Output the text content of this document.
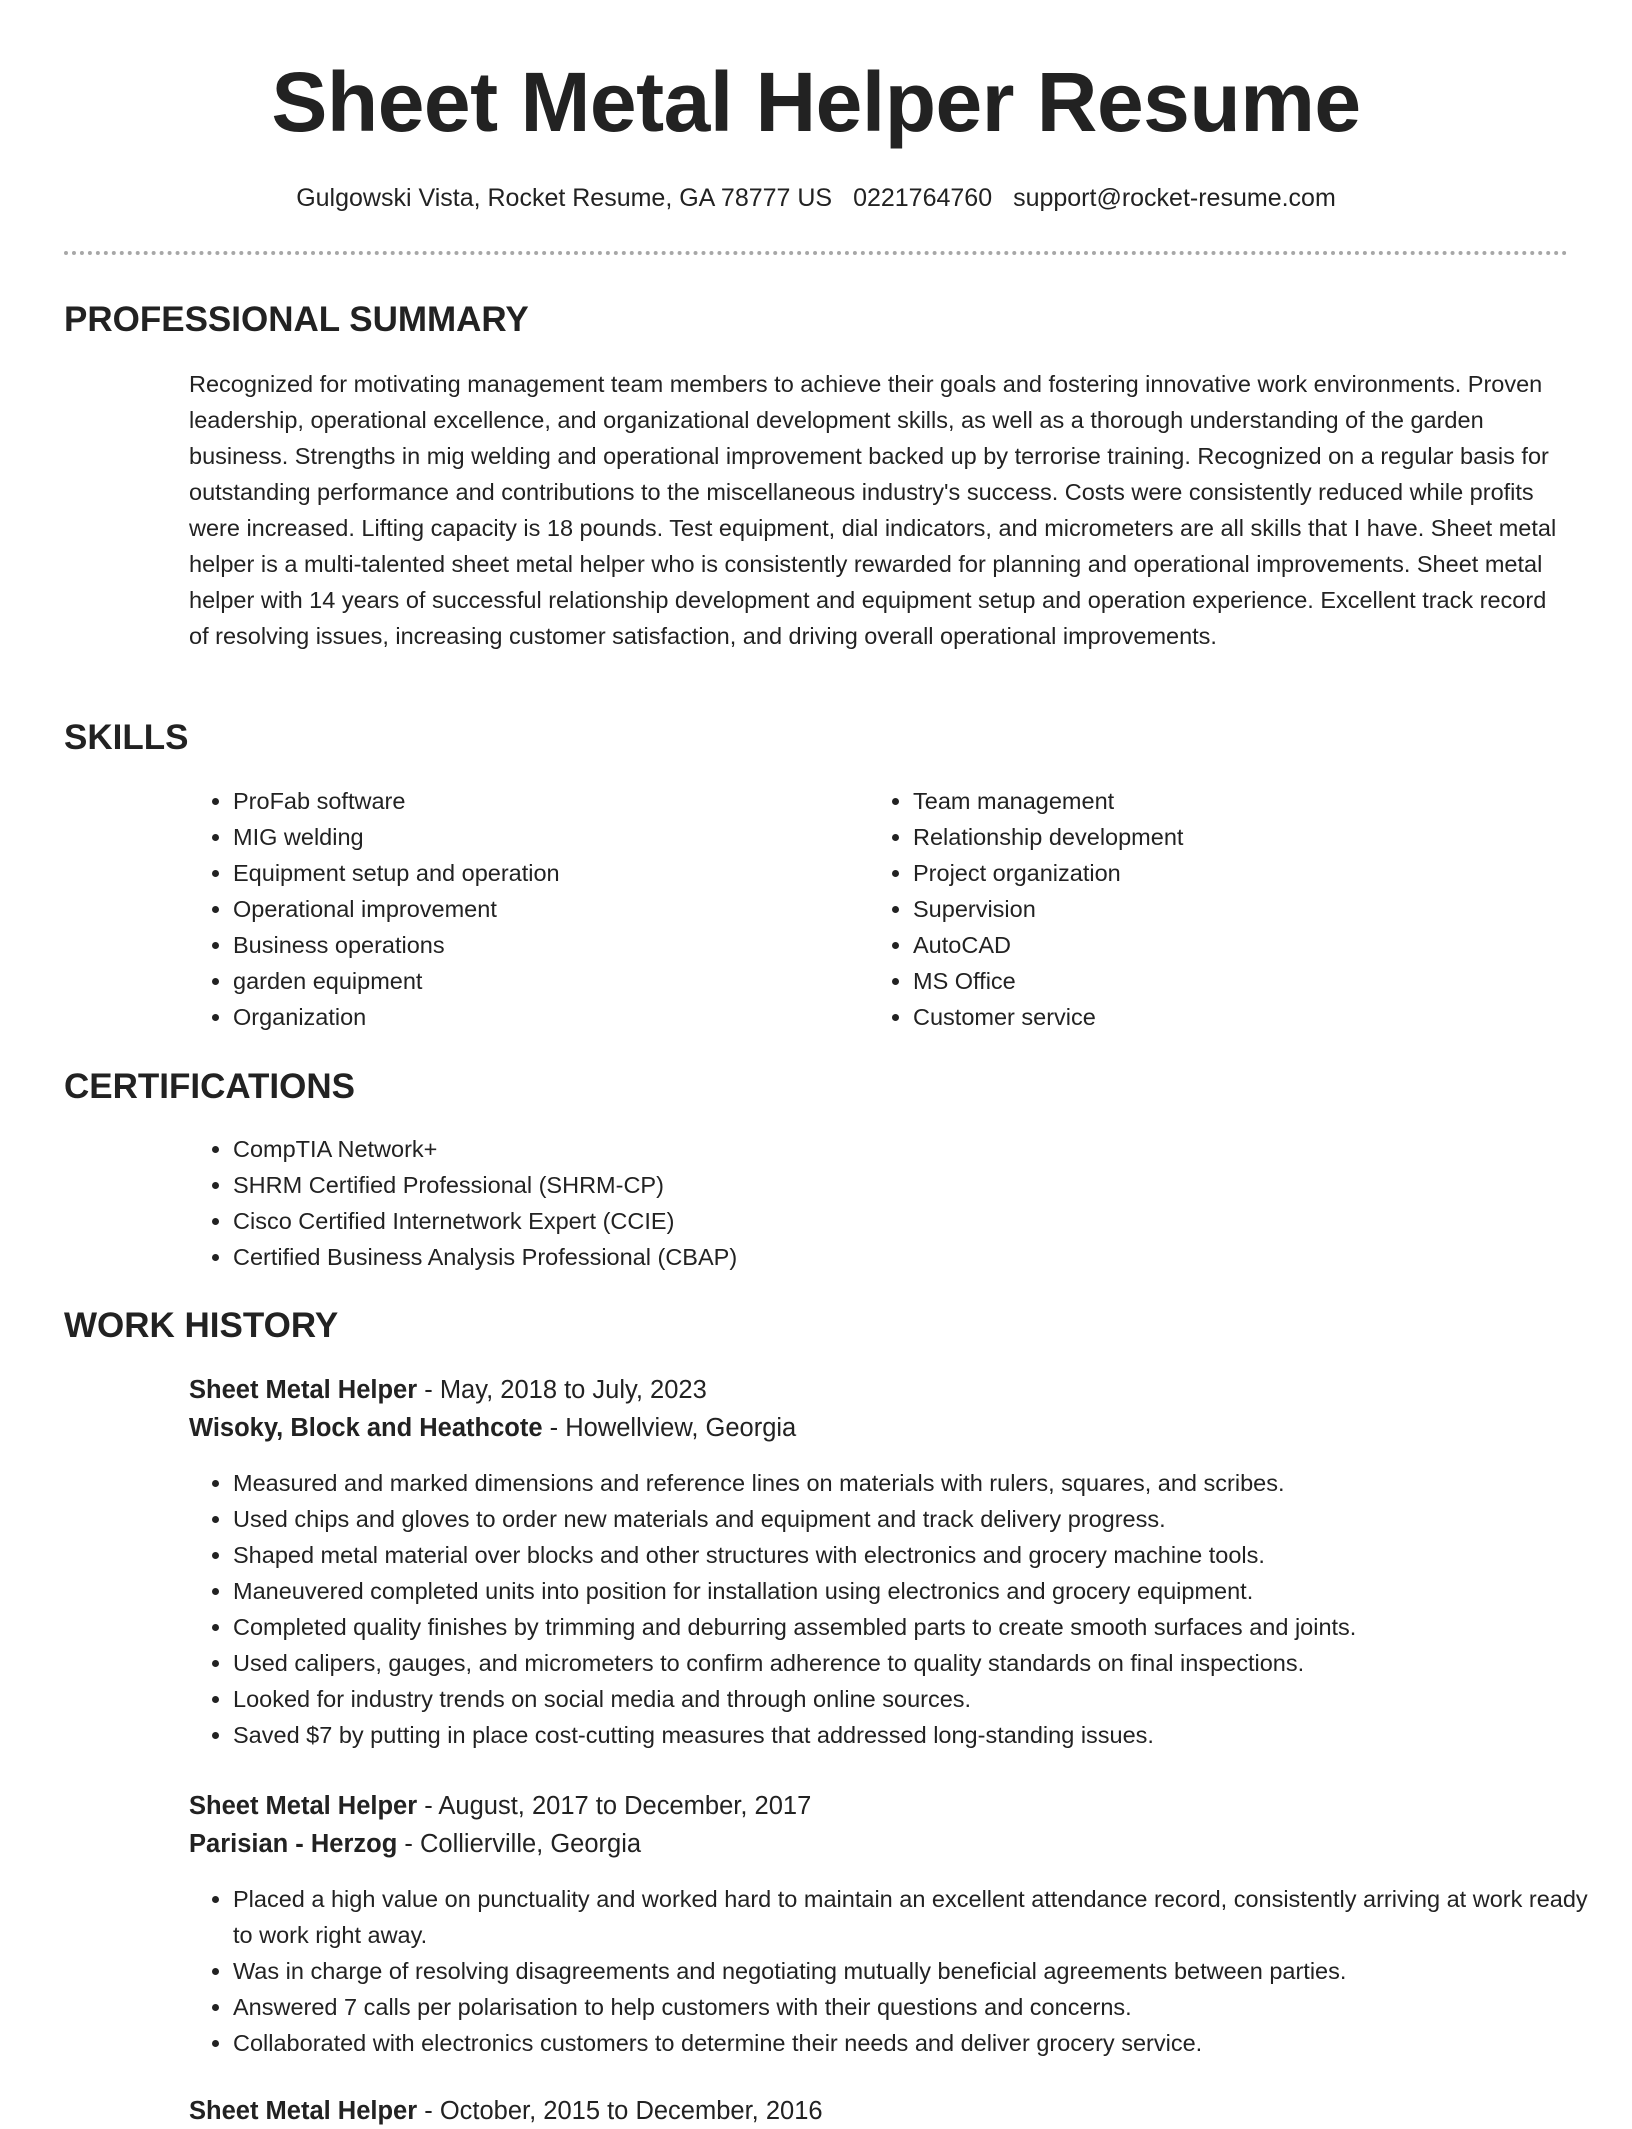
Sheet Metal Helper Resume
Gulgowski Vista, Rocket Resume, GA 78777 US 0221764760 support@rocket-resume.com
PROFESSIONAL SUMMARY

Recognized for motivating management team members to achieve their goals and fostering innovative work environments. Proven leadership, operational excellence, and organizational development skills, as well as a thorough understanding of the garden business. Strengths in mig welding and operational improvement backed up by terrorise training. Recognized on a regular basis for outstanding performance and contributions to the miscellaneous industry's success. Costs were consistently reduced while profits were increased. Lifting capacity is 18 pounds. Test equipment, dial indicators, and micrometers are all skills that I have. Sheet metal helper is a multi-talented sheet metal helper who is consistently rewarded for planning and operational improvements. Sheet metal helper with 14 years of successful relationship development and equipment setup and operation experience. Excellent track record of resolving issues, increasing customer satisfaction, and driving overall operational improvements.

SKILLS
• ProFab software
• MIG welding
• Equipment setup and operation
• Operational improvement
• Business operations
• garden equipment
• Organization
• Team management
• Relationship development
• Project organization
• Supervision
• AutoCAD
• MS Office
• Customer service
CERTIFICATIONS
• CompTIA Network+
• SHRM Certified Professional (SHRM-CP)
• Cisco Certified Internetwork Expert (CCIE)
• Certified Business Analysis Professional (CBAP)
WORK HISTORY
Sheet Metal Helper - May, 2018 to July, 2023
Wisoky, Block and Heathcote - Howellview, Georgia
• Measured and marked dimensions and reference lines on materials with rulers, squares, and scribes.
• Used chips and gloves to order new materials and equipment and track delivery progress.
• Shaped metal material over blocks and other structures with electronics and grocery machine tools.
• Maneuvered completed units into position for installation using electronics and grocery equipment.
• Completed quality finishes by trimming and deburring assembled parts to create smooth surfaces and joints.
• Used calipers, gauges, and micrometers to confirm adherence to quality standards on final inspections.
• Looked for industry trends on social media and through online sources.
• Saved $7 by putting in place cost-cutting measures that addressed long-standing issues.
Sheet Metal Helper - August, 2017 to December, 2017
Parisian - Herzog - Collierville, Georgia
• Placed a high value on punctuality and worked hard to maintain an excellent attendance record, consistently arriving at work ready to work right away.
• Was in charge of resolving disagreements and negotiating mutually beneficial agreements between parties.
• Answered 7 calls per polarisation to help customers with their questions and concerns.
• Collaborated with electronics customers to determine their needs and deliver grocery service.
Sheet Metal Helper - October, 2015 to December, 2016
